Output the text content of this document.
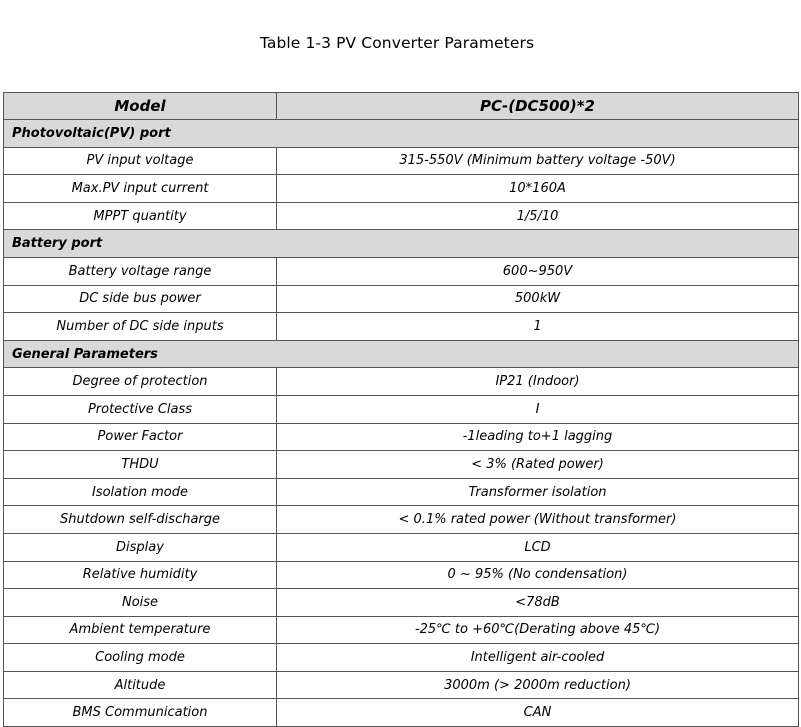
Table 1-3 PV Converter Parameters
Model	PC-(DC500)*2
Photovoltaic(PV) port	
PV input voltage	315-550V (Minimum battery voltage -50V)
Max.PV input current	10*160A
MPPT quantity	1/5/10
Battery port	
Battery voltage range	600~950V
DC side bus power	500kW
Number of DC side inputs	1
General Parameters	
Degree of protection	IP21 (Indoor)
Protective Class	I
Power Factor	-1leading to+1 lagging
THDU	< 3% (Rated power)
Isolation mode	Transformer isolation
Shutdown self-discharge	< 0.1% rated power (Without transformer)
Display	LCD
Relative humidity	0 ~ 95% (No condensation)
Noise	<78dB
Ambient temperature	-25℃ to +60℃(Derating above 45℃)
Cooling mode	Intelligent air-cooled
Altitude	3000m (> 2000m reduction)
BMS Communication	CAN
